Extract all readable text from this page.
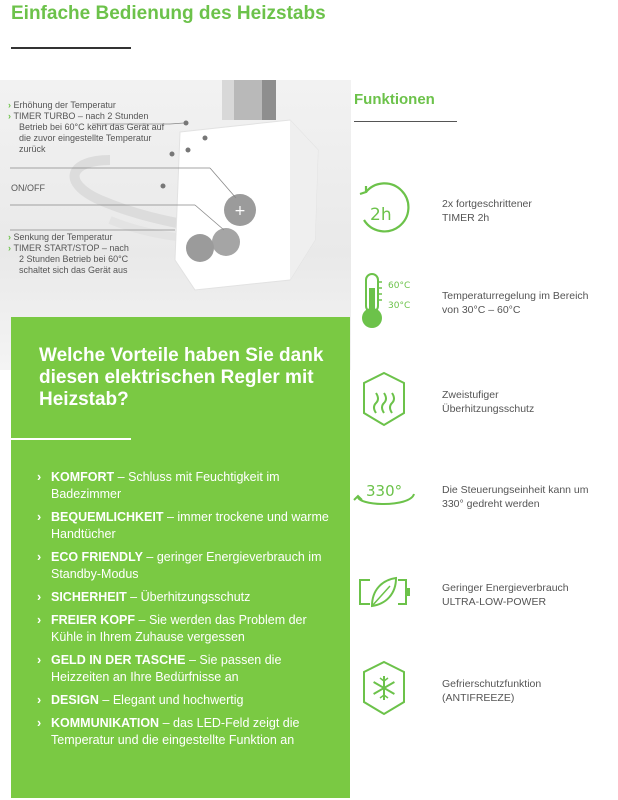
Einfache Bedienung des Heizstabs
+
› Erhöhung der Temperatur
› TIMER TURBO – nach 2 Stunden
Betrieb bei 60°C kehrt das Gerät auf
die zuvor eingestellte Temperatur
zurück
ON/OFF
› Senkung der Temperatur
› TIMER START/STOP – nach
2 Stunden Betrieb bei 60°C
schaltet sich das Gerät aus
Welche Vorteile haben Sie dank diesen elektrischen Regler mit Heizstab?
› KOMFORT – Schluss mit Feuchtigkeit im Badezimmer
› BEQUEMLICHKEIT – immer trockene und warme Handtücher
› ECO FRIENDLY – geringer Energieverbrauch im Standby-Modus
› SICHERHEIT – Überhitzungsschutz
› FREIER KOPF – Sie werden das Problem der Kühle in Ihrem Zuhause vergessen
› GELD IN DER TASCHE – Sie passen die Heizzeiten an Ihre Bedürfnisse an
› DESIGN – Elegant und hochwertig
› KOMMUNIKATION – das LED-Feld zeigt die Temperatur und die eingestellte Funktion an
Funktionen
2h
2x fortgeschrittener
TIMER 2h
60°C
30°C
Temperaturregelung im Bereich
von 30°C – 60°C
Zweistufiger
Überhitzungsschutz
330°	Die Steuerungseinheit kann um
330° gedreht werden
Geringer Energieverbrauch
ULTRA-LOW-POWER
Gefrierschutzfunktion
(ANTIFREEZE)
